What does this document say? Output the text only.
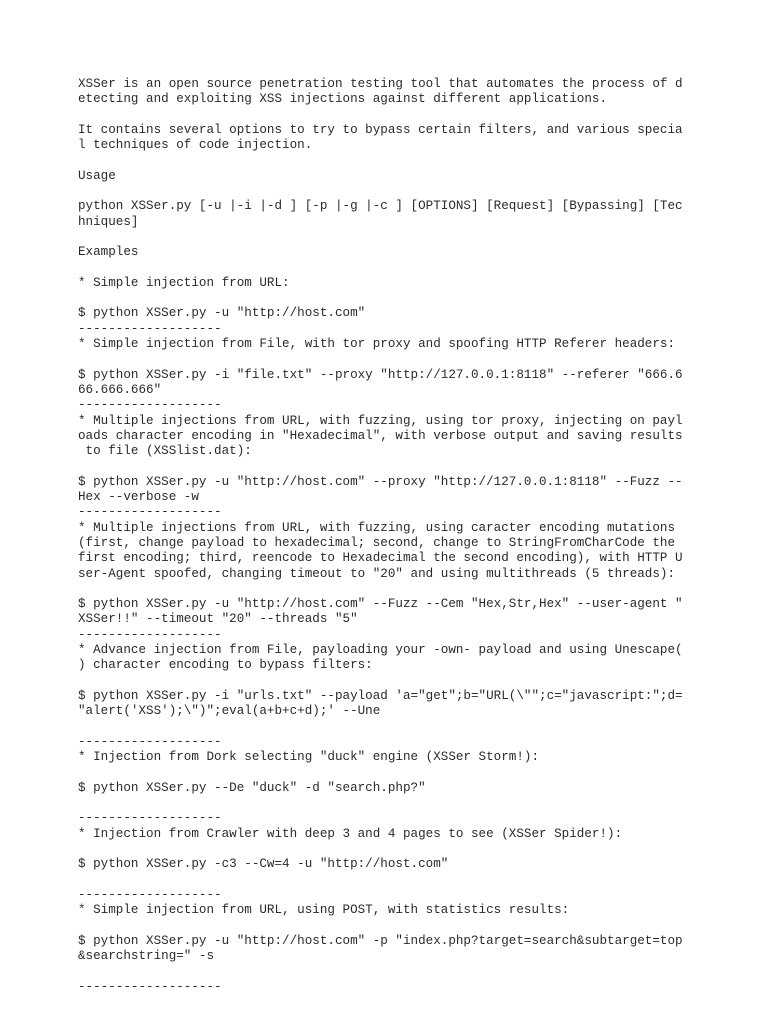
XSSer is an open source penetration testing tool that automates the process of d
etecting and exploiting XSS injections against different applications.
It contains several options to try to bypass certain filters, and various specia
l techniques of code injection.
Usage
python XSSer.py [-u |-i |-d ] [-p |-g |-c ] [OPTIONS] [Request] [Bypassing] [Tec
hniques]
Examples
* Simple injection from URL:
$ python XSSer.py -u "http://host.com"
-------------------
* Simple injection from File, with tor proxy and spoofing HTTP Referer headers:
$ python XSSer.py -i "file.txt" --proxy "http://127.0.0.1:8118" --referer "666.6
66.666.666"
-------------------
* Multiple injections from URL, with fuzzing, using tor proxy, injecting on payl
oads character encoding in "Hexadecimal", with verbose output and saving results
to file (XSSlist.dat):
$ python XSSer.py -u "http://host.com" --proxy "http://127.0.0.1:8118" --Fuzz --
Hex --verbose -w
-------------------
* Multiple injections from URL, with fuzzing, using caracter encoding mutations
(first, change payload to hexadecimal; second, change to StringFromCharCode the
first encoding; third, reencode to Hexadecimal the second encoding), with HTTP U
ser-Agent spoofed, changing timeout to "20" and using multithreads (5 threads):
$ python XSSer.py -u "http://host.com" --Fuzz --Cem "Hex,Str,Hex" --user-agent "
XSSer!!" --timeout "20" --threads "5"
-------------------
* Advance injection from File, payloading your -own- payload and using Unescape(
) character encoding to bypass filters:
$ python XSSer.py -i "urls.txt" --payload 'a="get";b="URL(\"";c="javascript:";d=
"alert('XSS');\")";eval(a+b+c+d);' --Une
-------------------
* Injection from Dork selecting "duck" engine (XSSer Storm!):
$ python XSSer.py --De "duck" -d "search.php?"
-------------------
* Injection from Crawler with deep 3 and 4 pages to see (XSSer Spider!):
$ python XSSer.py -c3 --Cw=4 -u "http://host.com"
-------------------
* Simple injection from URL, using POST, with statistics results:
$ python XSSer.py -u "http://host.com" -p "index.php?target=search&subtarget=top
&searchstring=" -s
-------------------
